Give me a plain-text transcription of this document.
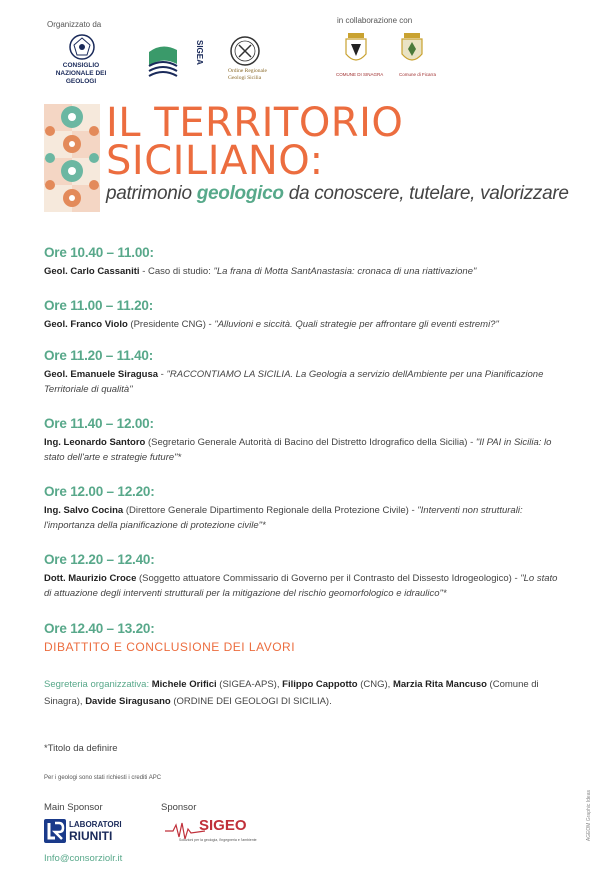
Organizzato da
CONSIGLIO NAZIONALE DEI GEOLOGI
SIGEA
Ordine Regionale Geologi Sicilia
in collaborazione con
COMUNE DI SINAGRA	Comune di Ficarra
IL TERRITORIO
SICILIANO:
patrimonio geologico da conoscere, tutelare, valorizzare
Ore 10.40 – 11.00:
Geol. Carlo Cassaniti - Caso di studio: "La frana di Motta SantAnastasia: cronaca di una riattivazione"
Ore 11.00 – 11.20:
Geol. Franco Violo (Presidente CNG) - "Alluvioni e siccità. Quali strategie per affrontare gli eventi estremi?"
Ore 11.20 – 11.40:
Geol. Emanuele Siragusa - "RACCONTIAMO LA SICILIA. La Geologia a servizio dellAmbiente per una Pianificazione Territoriale di qualità"
Ore 11.40 – 12.00:
Ing. Leonardo Santoro (Segretario Generale Autorità di Bacino del Distretto Idrografico della Sicilia) - "Il PAI in Sicilia: lo stato dell'arte e strategie future"*
Ore 12.00 – 12.20:
Ing. Salvo Cocina (Direttore Generale Dipartimento Regionale della Protezione Civile) - "Interventi non strutturali: l'importanza della pianificazione di protezione civile"*
Ore 12.20 – 12.40:
Dott. Maurizio Croce (Soggetto attuatore Commissario di Governo per il Contrasto del Dissesto Idrogeologico) - "Lo stato di attuazione degli interventi strutturali per la mitigazione del rischio geomorfologico e idraulico"*
Ore 12.40 – 13.20:
DIBATTITO E CONCLUSIONE DEI LAVORI
Segreteria organizzativa: Michele Orifici (SIGEA-APS), Filippo Cappotto (CNG), Marzia Rita Mancuso (Comune di Sinagra), Davide Siragusano (ORDINE DEI GEOLOGI DI SICILIA).
*Titolo da definire
Per i geologi sono stati richiesti i crediti APC
Main Sponsor	Sponsor
LABORATORI
RIUNITI
SIGEO
Soluzioni per la geologia, l'ingegneria e l'ambiente
Info@consorziolr.it
AGEOM Graphic Ideas
